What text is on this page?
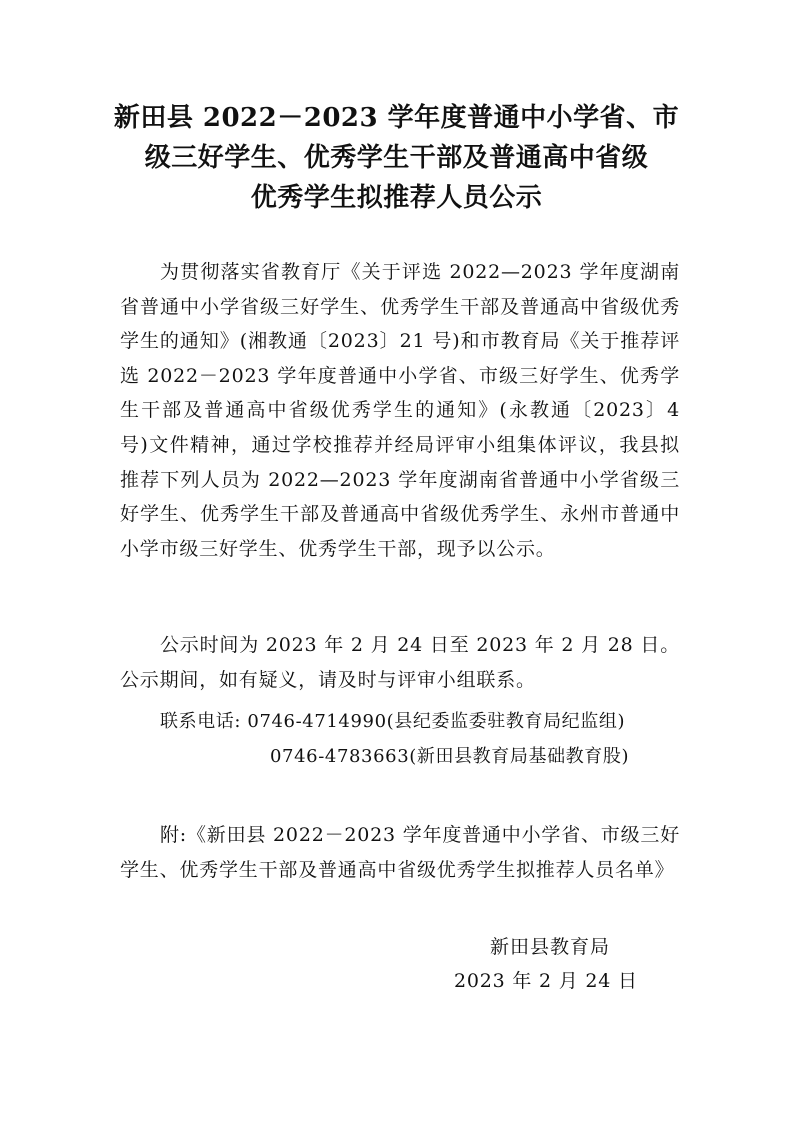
新田县 2022－2023 学年度普通中小学省、市
级三好学生、优秀学生干部及普通高中省级
优秀学生拟推荐人员公示

为贯彻落实省教育厅《关于评选 2022—2023 学年度湖南省普通中小学省级三好学生、优秀学生干部及普通高中省级优秀学生的通知》(湘教通〔2023〕21 号)和市教育局《关于推荐评选 2022－2023 学年度普通中小学省、市级三好学生、优秀学生干部及普通高中省级优秀学生的通知》(永教通〔2023〕4 号)文件精神，通过学校推荐并经局评审小组集体评议，我县拟推荐下列人员为 2022—2023 学年度湖南省普通中小学省级三好学生、优秀学生干部及普通高中省级优秀学生、永州市普通中小学市级三好学生、优秀学生干部，现予以公示。

公示时间为 2023 年 2 月 24 日至 2023 年 2 月 28 日。公示期间，如有疑义，请及时与评审小组联系。

联系电话: 0746-4714990(县纪委监委驻教育局纪监组)
0746-4783663(新田县教育局基础教育股)

附:《新田县 2022－2023 学年度普通中小学省、市级三好学生、优秀学生干部及普通高中省级优秀学生拟推荐人员名单》

新田县教育局
2023 年 2 月 24 日
